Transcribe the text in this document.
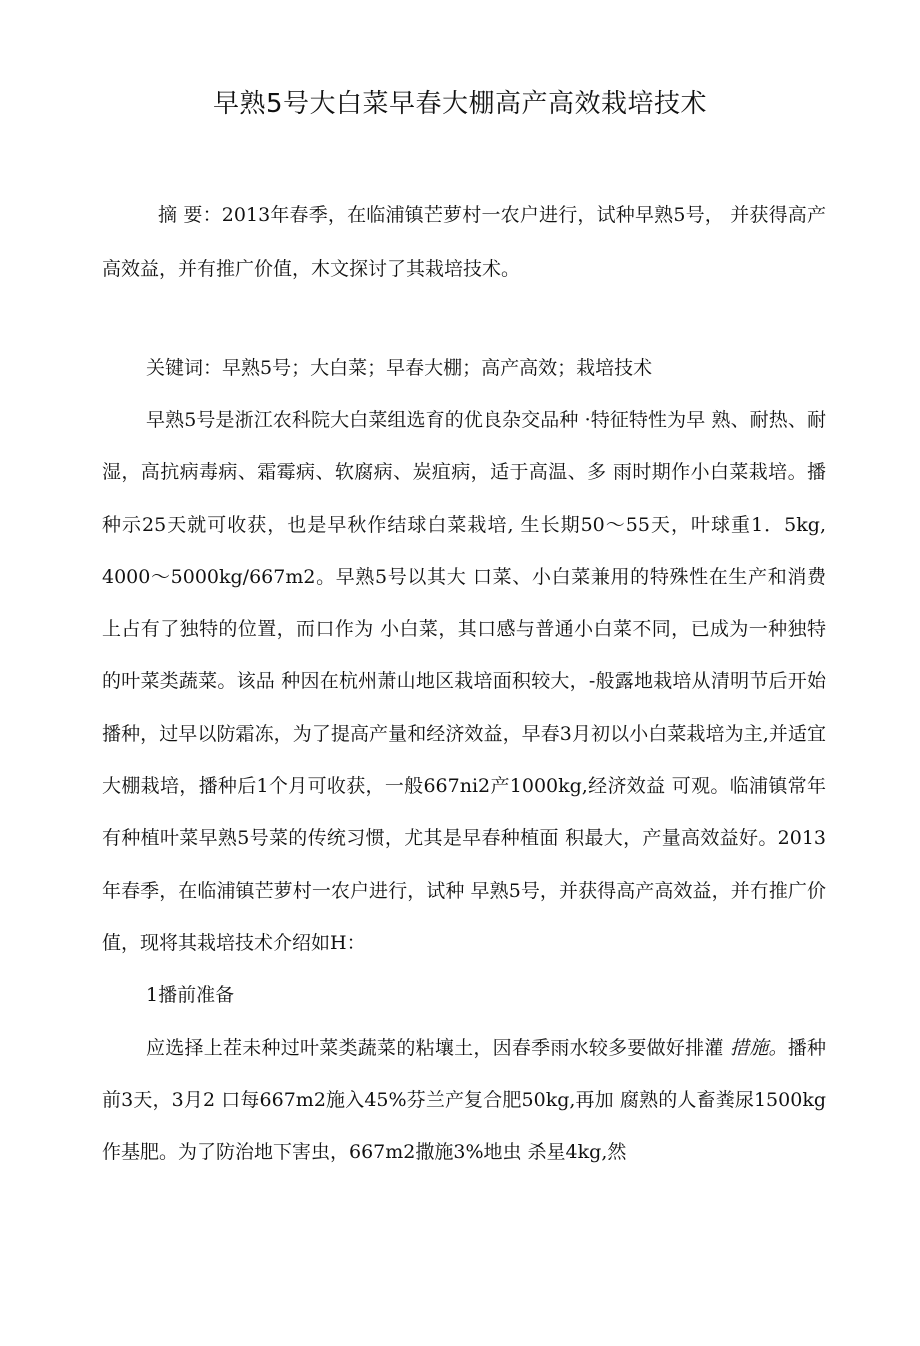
早熟5号大白菜早春大棚高产高效栽培技术
摘 要：2013年春季，在临浦镇芒萝村一农户进行，试种早熟5号， 并获得高产高效益，并有推广价值，木文探讨了其栽培技术。
关键词：早熟5号；大白菜；早春大棚；高产高效；栽培技术

早熟5号是浙江农科院大白菜组选育的优良杂交品种 ·特征特性为早 熟、耐热、耐湿，高抗病毒病、霜霉病、软腐病、炭疽病，适于高温、多 雨时期作小白菜栽培。播种示25天就可收获，也是早秋作结球白菜栽培, 生长期50～55天，叶球重1．5kg, 4000～5000kg/667m2。早熟5号以其大 口菜、小白菜兼用的特殊性在生产和消费上占有了独特的位置，而口作为 小白菜，其口感与普通小白菜不同，已成为一种独特的叶菜类蔬菜。该品 种因在杭州萧山地区栽培面积较大，-般露地栽培从清明节后开始播种，过早以防霜冻，为了提高产量和经济效益，早春3月初以小白菜栽培为主,并适宜大棚栽培，播种后1个月可收获，一般667ni2产1000kg,经济效益 可观。临浦镇常年有种植叶菜早熟5号菜的传统习惯，尤其是早春种植面 积最大，产量高效益好。2013年春季，在临浦镇芒萝村一农户进行，试种 早熟5号，并获得高产高效益，并冇推广价值，现将其栽培技术介绍如H：

1播前准备

应选择上茬未种过叶菜类蔬菜的粘壤土，因春季雨水较多要做好排灌 措施。播种前3天，3月2 口每667m2施入45%芬兰产复合肥50kg,再加 腐熟的人畜粪尿1500kg作基肥。为了防治地下害虫，667m2撒施3%地虫 杀星4kg,然
